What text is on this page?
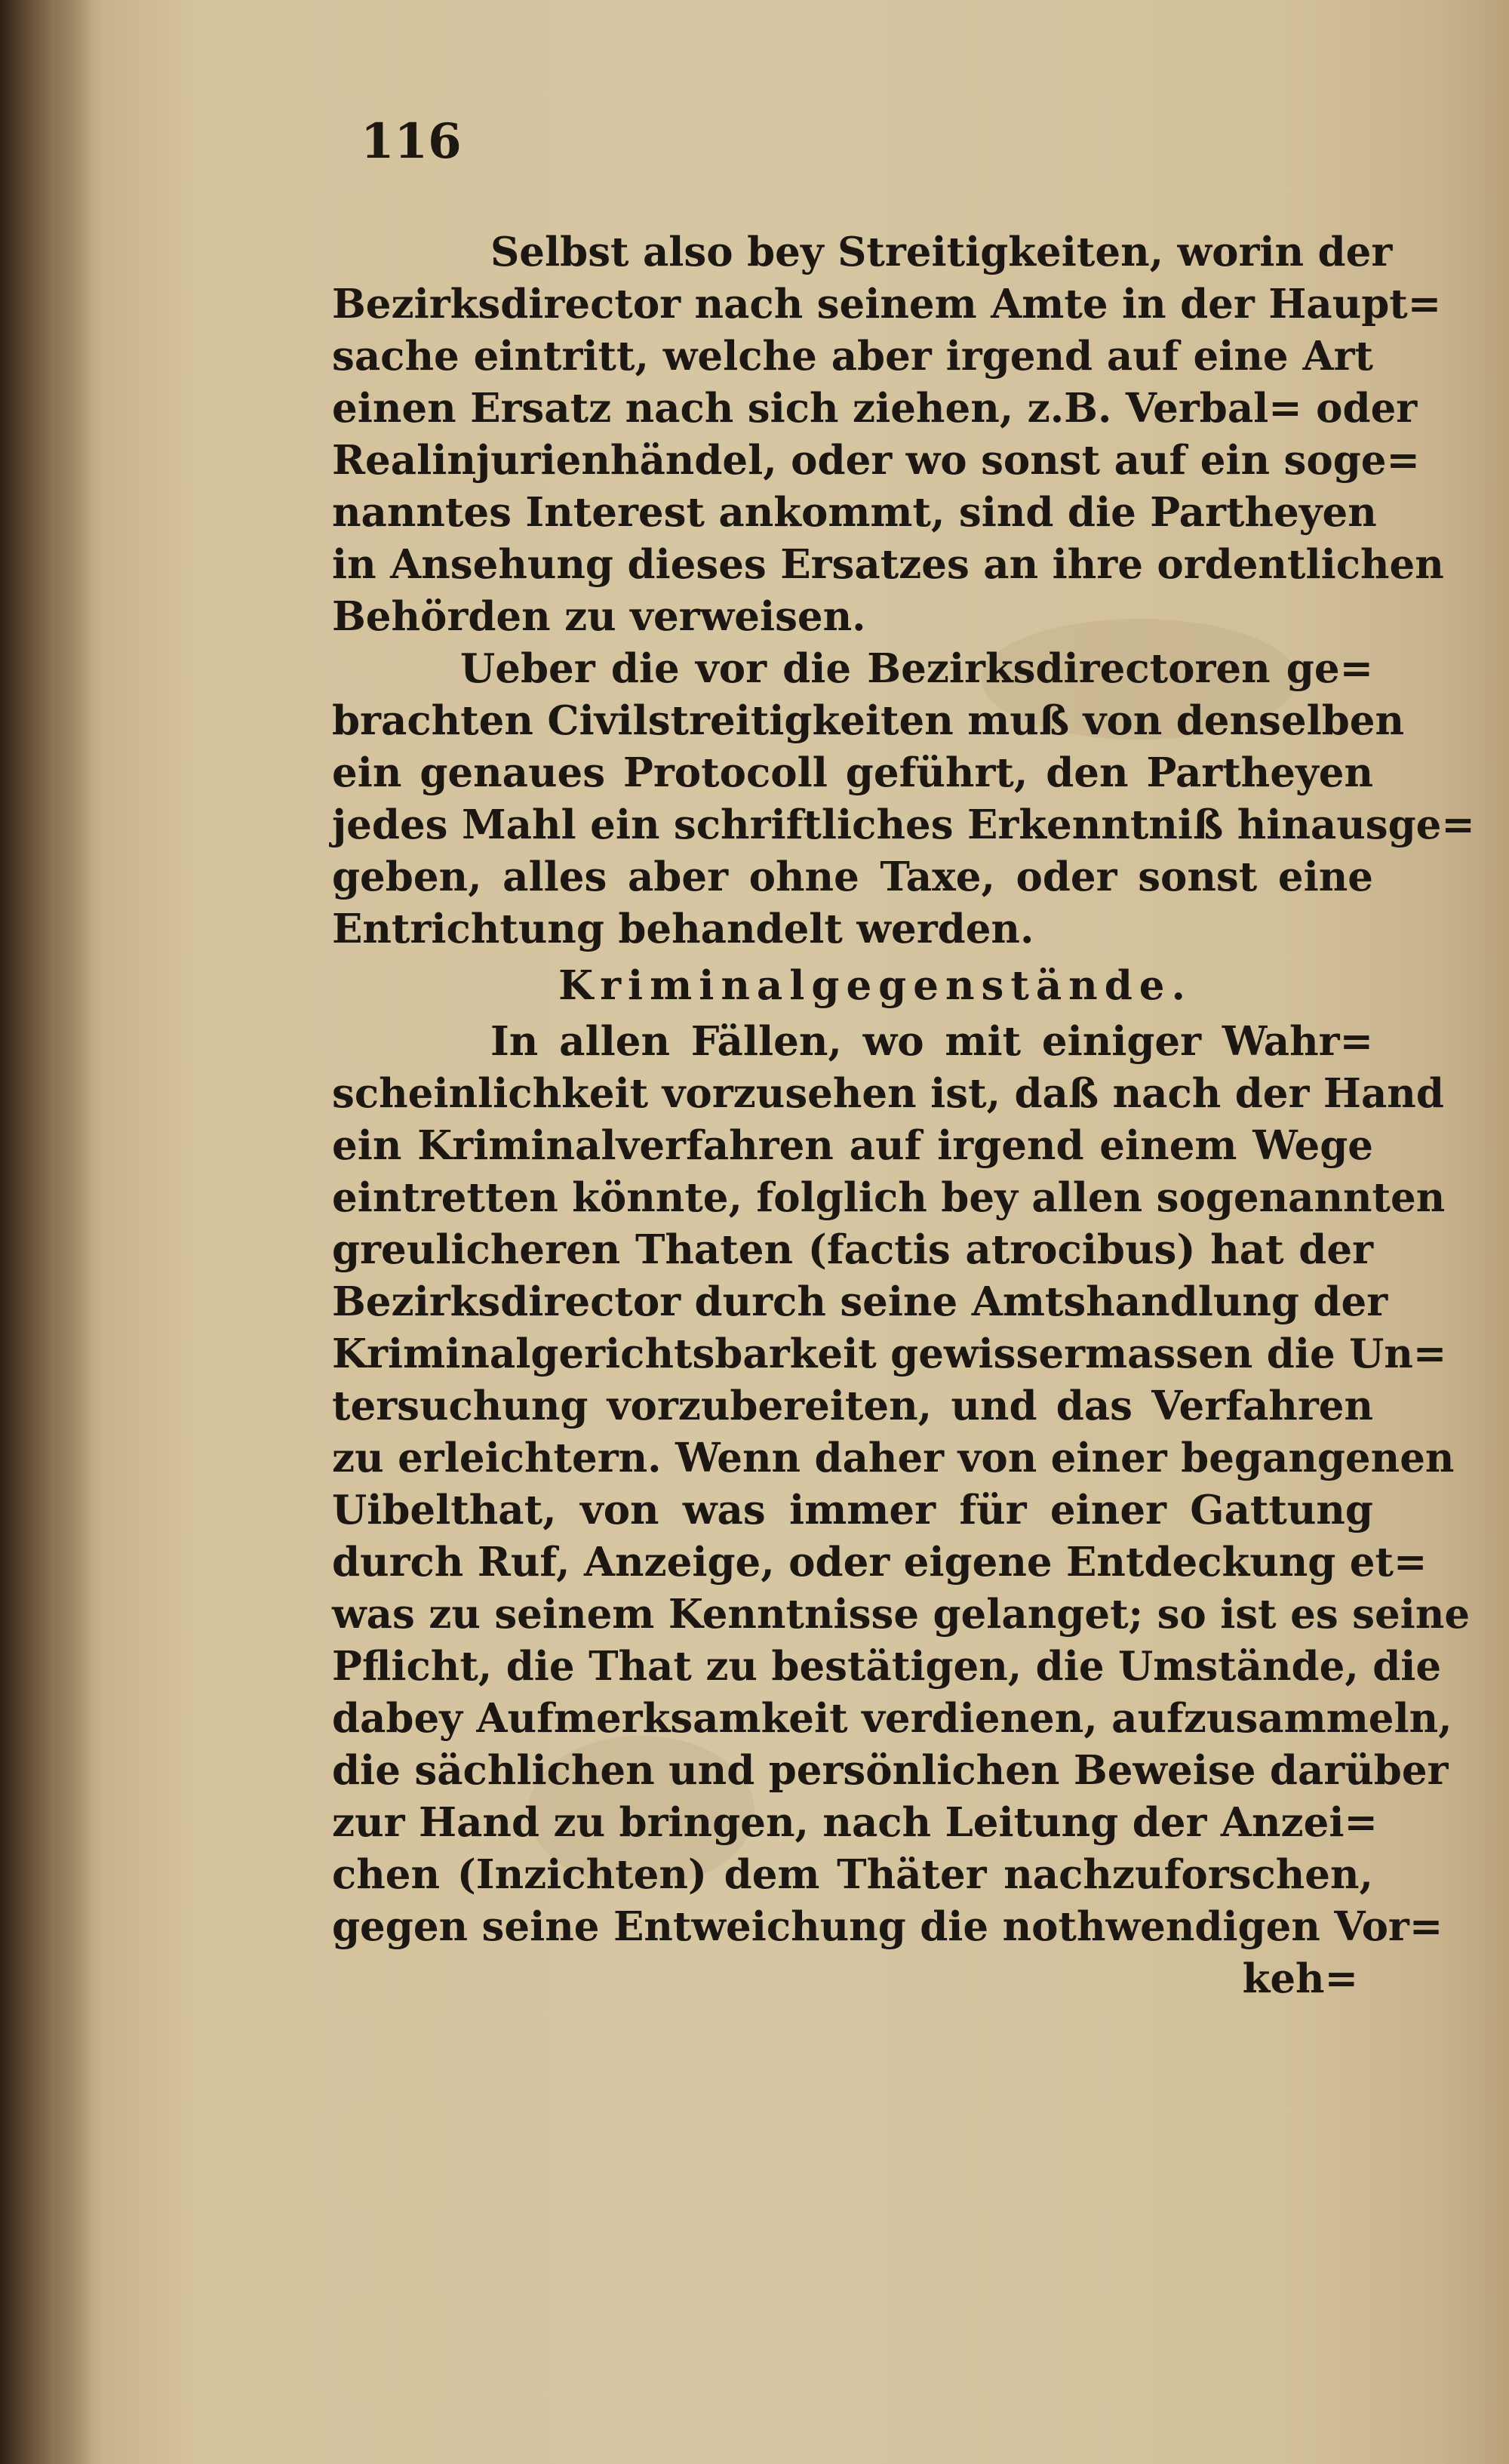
116
Selbst also bey Streitigkeiten, worin der
Bezirksdirector nach seinem Amte in der Haupt=
sache eintritt, welche aber irgend auf eine Art
einen Ersatz nach sich ziehen, z.B. Verbal= oder
Realinjurienhändel, oder wo sonst auf ein soge=
nanntes Interest ankommt, sind die Partheyen
in Ansehung dieses Ersatzes an ihre ordentlichen
Behörden zu verweisen.
Ueber die vor die Bezirksdirectoren ge=
brachten Civilstreitigkeiten muß von denselben
ein genaues Protocoll geführt, den Partheyen
jedes Mahl ein schriftliches Erkenntniß hinausge=
geben, alles aber ohne Taxe, oder sonst eine
Entrichtung behandelt werden.
Kriminalgegenstände.
In allen Fällen, wo mit einiger Wahr=
scheinlichkeit vorzusehen ist, daß nach der Hand
ein Kriminalverfahren auf irgend einem Wege
eintretten könnte, folglich bey allen sogenannten
greulicheren Thaten (factis atrocibus) hat der
Bezirksdirector durch seine Amtshandlung der
Kriminalgerichtsbarkeit gewissermassen die Un=
tersuchung vorzubereiten, und das Verfahren
zu erleichtern. Wenn daher von einer begangenen
Uibelthat, von was immer für einer Gattung
durch Ruf, Anzeige, oder eigene Entdeckung et=
was zu seinem Kenntnisse gelanget; so ist es seine
Pflicht, die That zu bestätigen, die Umstände, die
dabey Aufmerksamkeit verdienen, aufzusammeln,
die sächlichen und persönlichen Beweise darüber
zur Hand zu bringen, nach Leitung der Anzei=
chen (Inzichten) dem Thäter nachzuforschen,
gegen seine Entweichung die nothwendigen Vor=
keh=
